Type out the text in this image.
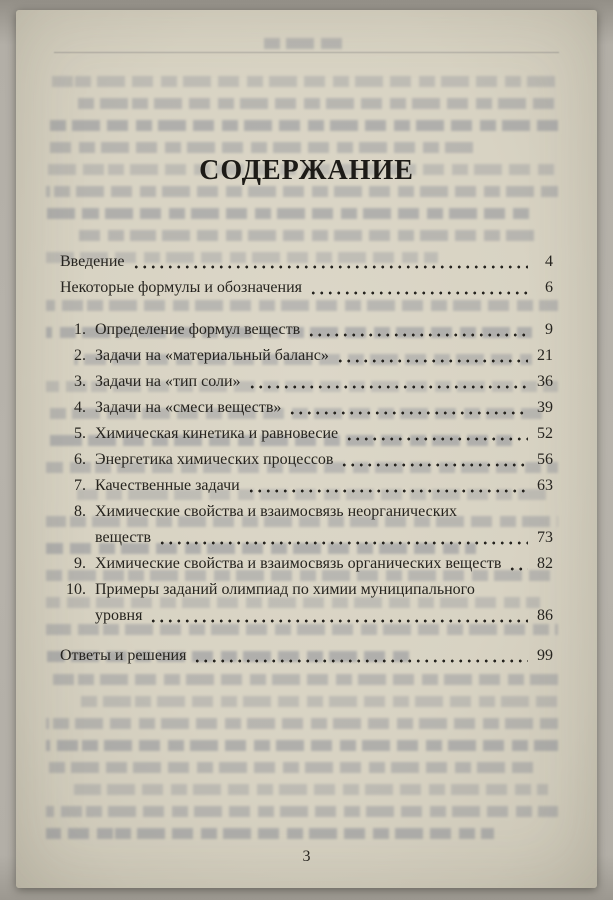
СОДЕРЖАНИЕ
Введение	4
Некоторые формулы и обозначения	6
1. Определение формул веществ	9
2. Задачи на «материальный баланс»	21
3. Задачи на «тип соли»	36
4. Задачи на «смеси веществ»	39
5. Химическая кинетика и равновесие	52
6. Энергетика химических процессов	56
7. Качественные задачи	63
8. Химические свойства и взаимосвязь неорганических
веществ	73
9. Химические свойства и взаимосвязь органических веществ 82
10. Примеры заданий олимпиад по химии муниципального
уровня	86
Ответы и решения	99
3
